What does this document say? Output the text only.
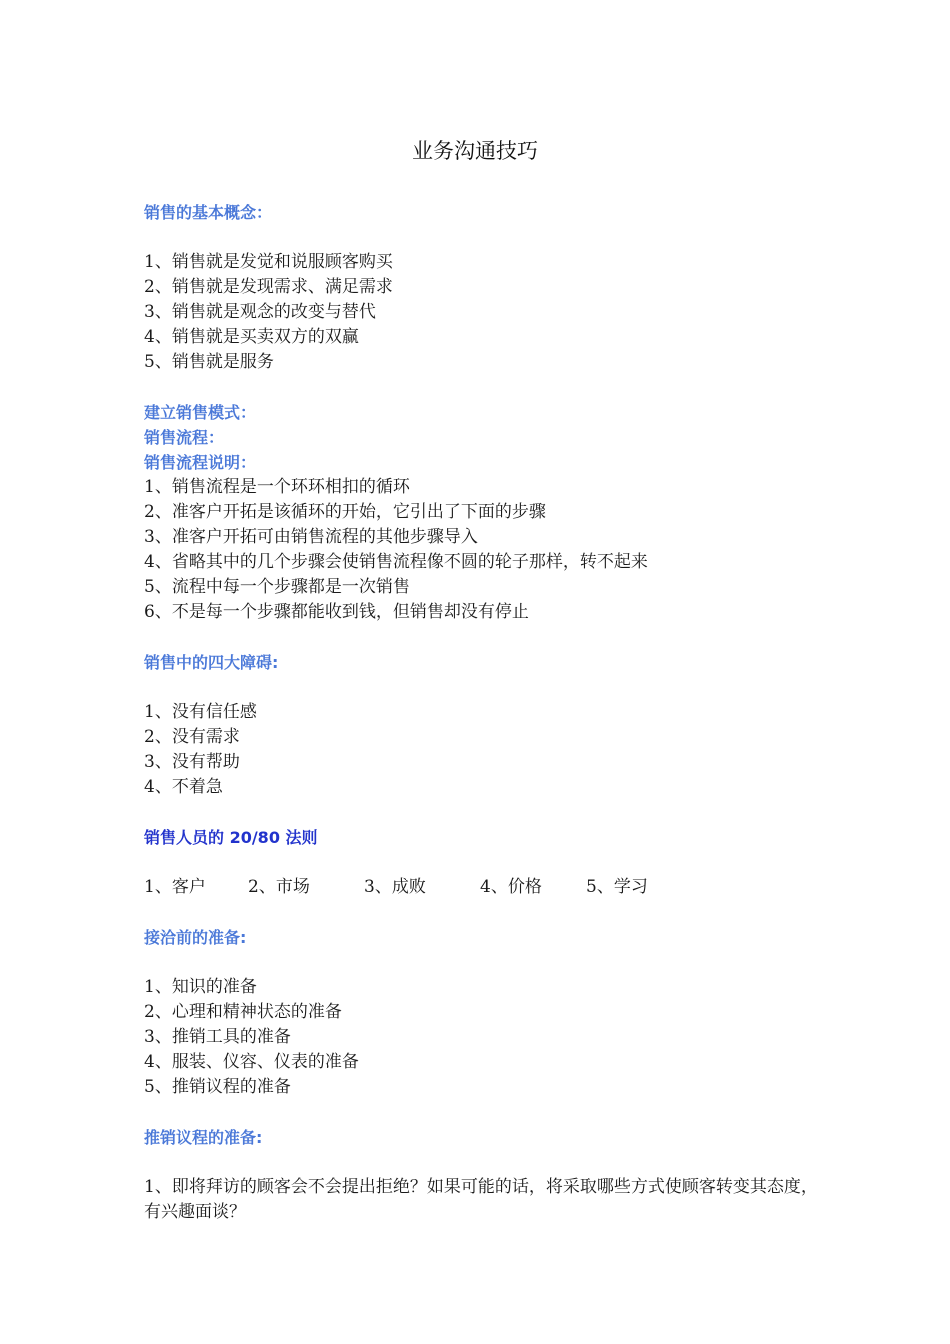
业务沟通技巧
销售的基本概念：
1、销售就是发觉和说服顾客购买
2、销售就是发现需求、满足需求
3、销售就是观念的改变与替代
4、销售就是买卖双方的双赢
5、销售就是服务
建立销售模式：
销售流程：
销售流程说明：
1、销售流程是一个环环相扣的循环
2、准客户开拓是该循环的开始，它引出了下面的步骤
3、准客户开拓可由销售流程的其他步骤导入
4、省略其中的几个步骤会使销售流程像不圆的轮子那样，转不起来
5、流程中每一个步骤都是一次销售
6、不是每一个步骤都能收到钱，但销售却没有停止
销售中的四大障碍:
1、没有信任感
2、没有需求
3、没有帮助
4、不着急
销售人员的 20/80 法则
1、客户	2、市场	3、成败	4、价格	5、学习
接洽前的准备:
1、知识的准备
2、心理和精神状态的准备
3、推销工具的准备
4、服装、仪容、仪表的准备
5、推销议程的准备
推销议程的准备:
1、即将拜访的顾客会不会提出拒绝？如果可能的话，将采取哪些方式使顾客转变其态度，有兴趣面谈？
